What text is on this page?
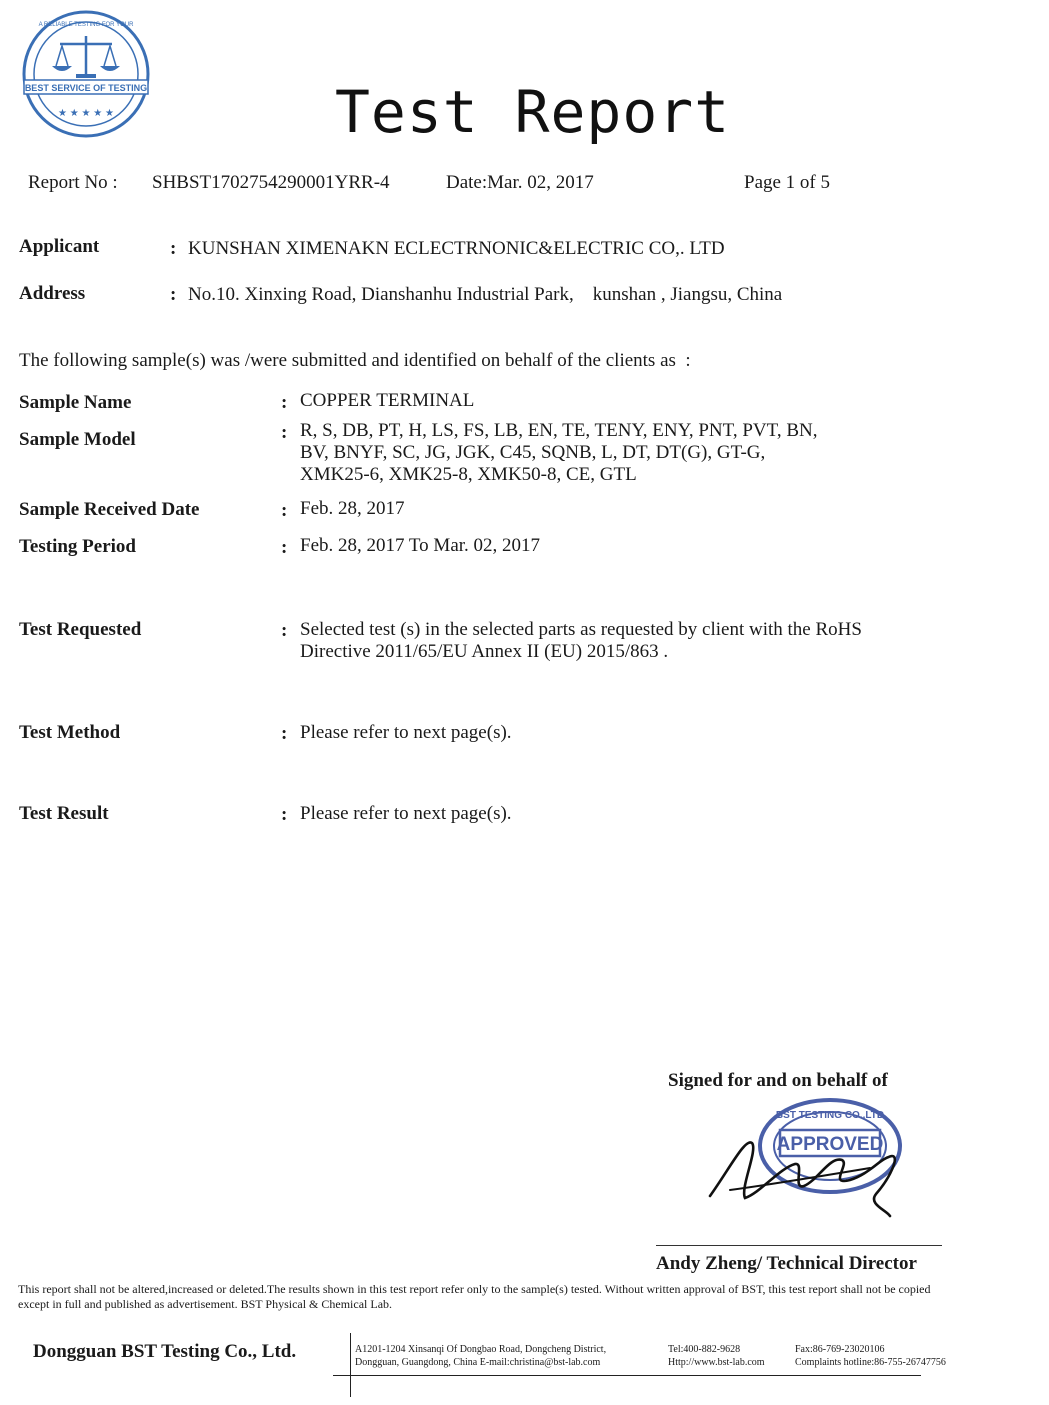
BEST SERVICE OF TESTING
A RELIABLE TESTING FOR YOUR
★ ★ ★ ★ ★	Test Report
Report No : SHBST1702754290001YRR-4	Date:Mar. 02, 2017	Page 1 of 5
Applicant	: KUNSHAN XIMENAKN ECLECTRNONIC&ELECTRIC CO,. LTD
Address	: No.10. Xinxing Road, Dianshanhu Industrial Park,    kunshan , Jiangsu, China
The following sample(s) was /were submitted and identified on behalf of the clients as  :
Sample Name	: COPPER TERMINAL
Sample Model	: R, S, DB, PT, H, LS, FS, LB, EN, TE, TENY, ENY, PNT, PVT, BN,
BV, BNYF, SC, JG, JGK, C45, SQNB, L, DT, DT(G), GT-G,
XMK25-6, XMK25-8, XMK50-8, CE, GTL
Sample Received Date	: Feb. 28, 2017
Testing Period	: Feb. 28, 2017 To Mar. 02, 2017
Test Requested	: Selected test (s) in the selected parts as requested by client with the RoHS
Directive 2011/65/EU Annex II (EU) 2015/863 .
Test Method	: Please refer to next page(s).
Test Result	: Please refer to next page(s).
Signed for and on behalf of
APPROVED
BST TESTING CO.,LTD
Andy Zheng/ Technical Director
This report shall not be altered,increased or deleted.The results shown in this test report refer only to the sample(s) tested. Without written approval of BST, this test report shall not be copied except in full and published as advertisement. BST Physical & Chemical Lab.
Dongguan BST Testing Co., Ltd.	A1201-1204 Xinsanqi Of Dongbao Road, Dongcheng District,
Dongguan, Guangdong, China E-mail:christina@bst-lab.com
Tel:400-882-9628
Http://www.bst-lab.com
Fax:86-769-23020106
Complaints hotline:86-755-26747756
